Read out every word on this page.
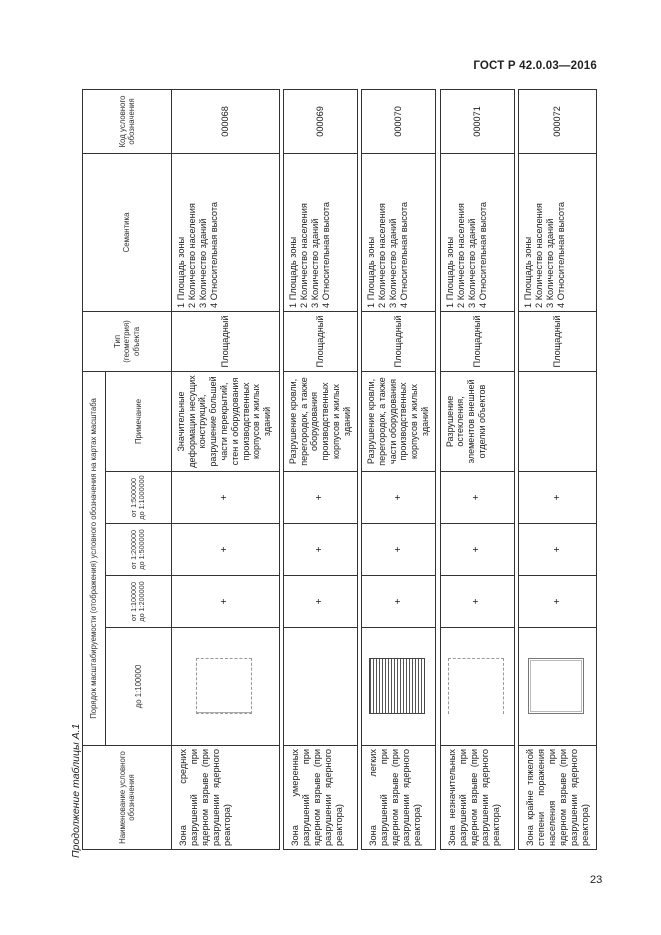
ГОСТ Р 42.0.03—2016
Продолжение таблицы А.1	Наименование условного обозначения	Порядок масштабируемости (отображения) условного обозначения на картах масштаба					Тип (геометрия) объекта	Семантика	Код условного обозначения
	до 1:100000	от 1:100000 до 1:200000	от 1:200000 до 1:500000	от 1:500000 до 1:1000000	Примечание			
Зона средних разрушений при ядерном взрыве (при разрушении ядерного реактора)		+	+	+	Значительные деформации несущих конструкций, разрушение большей части перекрытий, стен и оборудования производственных корпусов и жилых зданий	Площадный	1 Площадь зоны 2 Количество населения 3 Количество зданий 4 Относительная высота	000068

Зона умеренных разрушений при ядерном взрыве (при разрушении ядерного реактора)		+	+	+	Разрушение кровли, перегородок, а также оборудования производственных корпусов и жилых зданий	Площадный	1 Площадь зоны 2 Количество населения 3 Количество зданий 4 Относительная высота	000069

Зона легких разрушений при ядерном взрыве (при разрушении ядерного реактора)		+	+	+	Разрушение кровли, перегородок, а также части оборудования производственных корпусов и жилых зданий	Площадный	1 Площадь зоны 2 Количество населения 3 Количество зданий 4 Относительная высота	000070

Зона незначительных разрушений при ядерном взрыве (при разрушении ядерного реактора)		+	+	+	Разрушение остекления, элементов внешней отделки объектов	Площадный	1 Площадь зоны 2 Количество населения 3 Количество зданий 4 Относительная высота	000071

Зона крайне тяжелой степени поражения населения при ядерном взрыве (при разрушении ядерного реактора)		+	+	+		Площадный	1 Площадь зоны 2 Количество населения 3 Количество зданий 4 Относительная высота	000072
23
